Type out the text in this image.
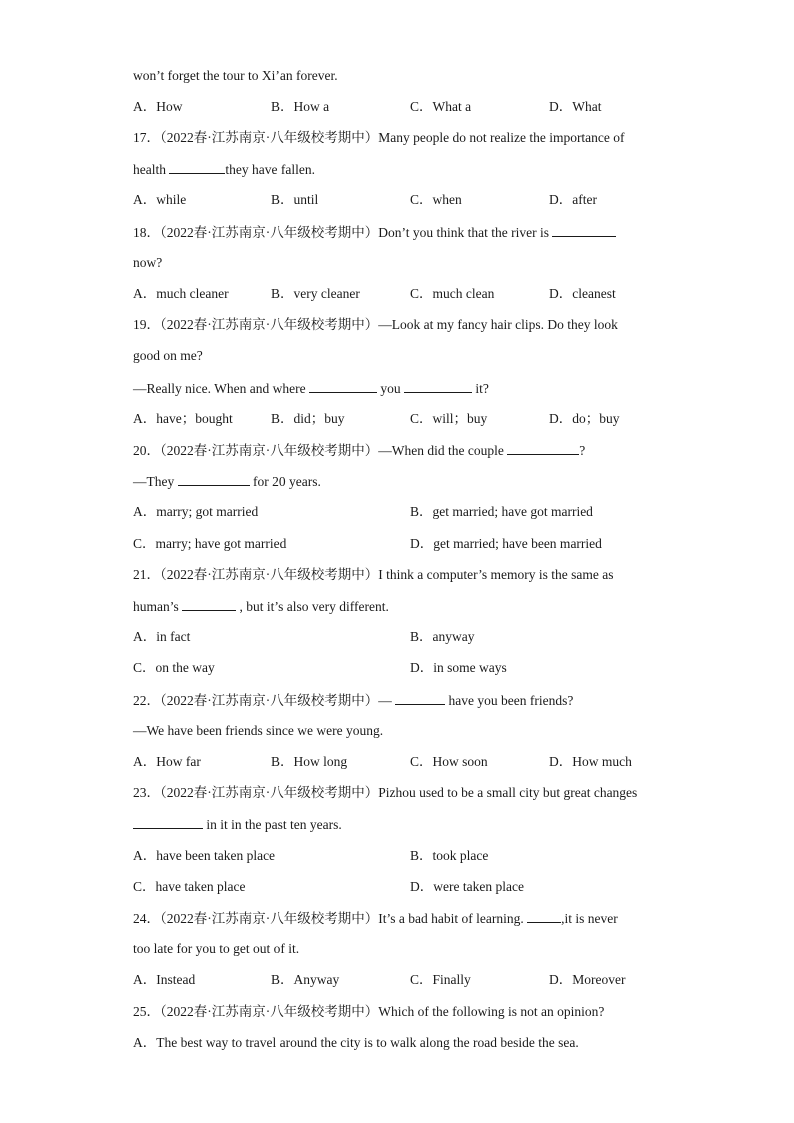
won’t forget the tour to Xi’an forever.
A．How	B．How a	C．What a	D．What
17．（2022春·江苏南京·八年级校考期中）Many people do not realize the importance of
health	they have fallen.
A．while	B．until	C．when	D．after
18．（2022春·江苏南京·八年级校考期中）Don’t you think that the river is
now?
A．much cleaner	B．very cleaner	C．much clean	D．cleanest
19．（2022春·江苏南京·八年级校考期中）—Look at my fancy hair clips. Do they look
good on me?
—Really nice. When and where	you	it?
A．have；bought	B．did；buy	C．will；buy	D．do；buy
20．（2022春·江苏南京·八年级校考期中）—When did the couple	?
—They	for 20 years.
A．marry; got married	B．get married; have got married
C．marry; have got married	D．get married; have been married
21．（2022春·江苏南京·八年级校考期中）I think a computer’s memory is the same as
human’s	, but it’s also very different.
A．in fact	B．anyway
C．on the way	D．in some ways
22．（2022春·江苏南京·八年级校考期中）—	have you been friends?
—We have been friends since we were young.
A．How far	B．How long	C．How soon	D．How much
23．（2022春·江苏南京·八年级校考期中）Pizhou used to be a small city but great changes
in it in the past ten years.
A．have been taken place	B．took place
C．have taken place	D．were taken place
24．（2022春·江苏南京·八年级校考期中）It’s a bad habit of learning.	,it is never
too late for you to get out of it.
A．Instead	B．Anyway	C．Finally	D．Moreover
25．（2022春·江苏南京·八年级校考期中）Which of the following is not an opinion?
A．The best way to travel around the city is to walk along the road beside the sea.
